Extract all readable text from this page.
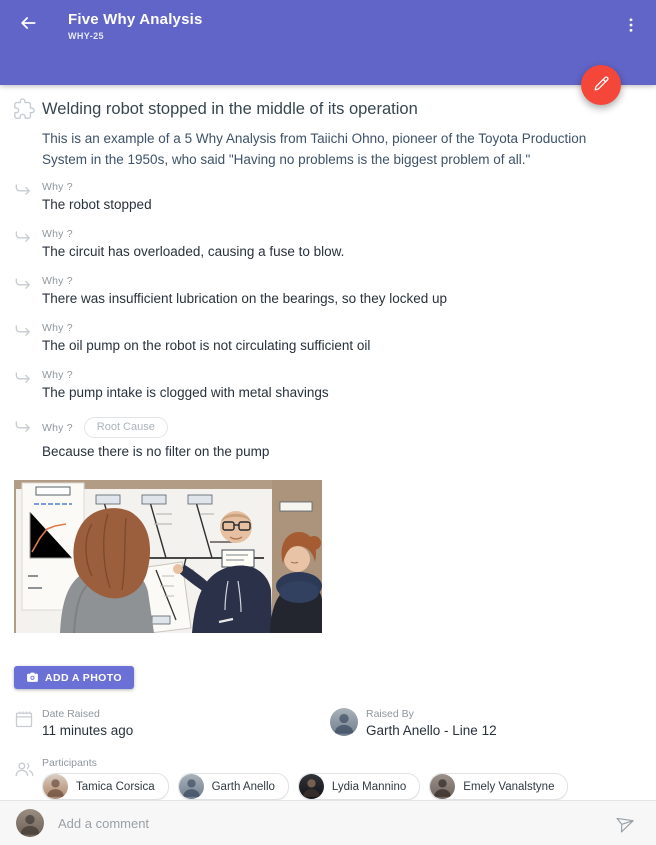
Five Why Analysis
WHY-25
Welding robot stopped in the middle of its operation

This is an example of a 5 Why Analysis from Taiichi Ohno, pioneer of the Toyota Production System in the 1950s, who said "Having no problems is the biggest problem of all."

Why ?
The robot stopped
Why ?
The circuit has overloaded, causing a fuse to blow.
Why ?
There was insufficient lubrication on the bearings, so they locked up
Why ?
The oil pump on the robot is not circulating sufficient oil
Why ?
The pump intake is clogged with metal shavings
Why ?	Root Cause
Because there is no filter on the pump
ADD A PHOTO
Date Raised
11 minutes ago
Raised By
Garth Anello - Line 12
Participants
Tamica Corsica	Garth Anello	Lydia Mannino	Emely Vanalstyne
Add a comment
